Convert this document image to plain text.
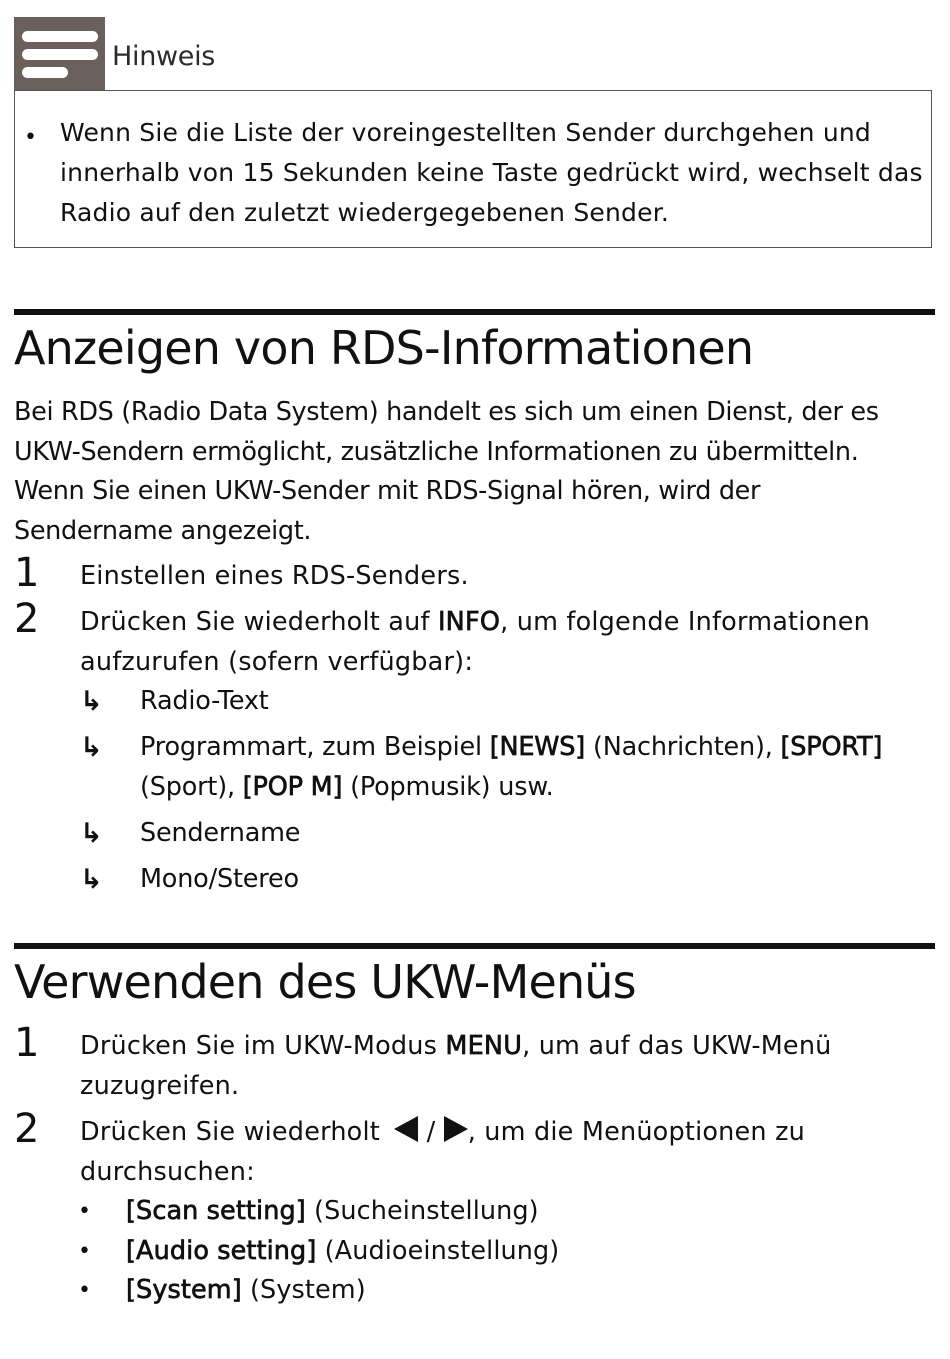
Hinweis
• Wenn Sie die Liste der voreingestellten Sender durchgehen und
innerhalb von 15 Sekunden keine Taste gedrückt wird, wechselt das
Radio auf den zuletzt wiedergegebenen Sender.
Anzeigen von RDS-Informationen
Bei RDS (Radio Data System) handelt es sich um einen Dienst, der es
UKW-Sendern ermöglicht, zusätzliche Informationen zu übermitteln.
Wenn Sie einen UKW-Sender mit RDS-Signal hören, wird der
Sendername angezeigt.
1 Einstellen eines RDS-Senders.
2 Drücken Sie wiederholt auf INFO, um folgende Informationen
aufzurufen (sofern verfügbar):
↳ Radio-Text
↳ Programmart, zum Beispiel [NEWS] (Nachrichten), [SPORT]
(Sport), [POP M] (Popmusik) usw.
↳ Sendername
↳ Mono/Stereo
Verwenden des UKW-Menüs
1 Drücken Sie im UKW-Modus MENU, um auf das UKW-Menü
zuzugreifen.
2 Drücken Sie wiederholt  / , um die Menüoptionen zu
durchsuchen:
• [Scan setting] (Sucheinstellung)
• [Audio setting] (Audioeinstellung)
• [System] (System)
